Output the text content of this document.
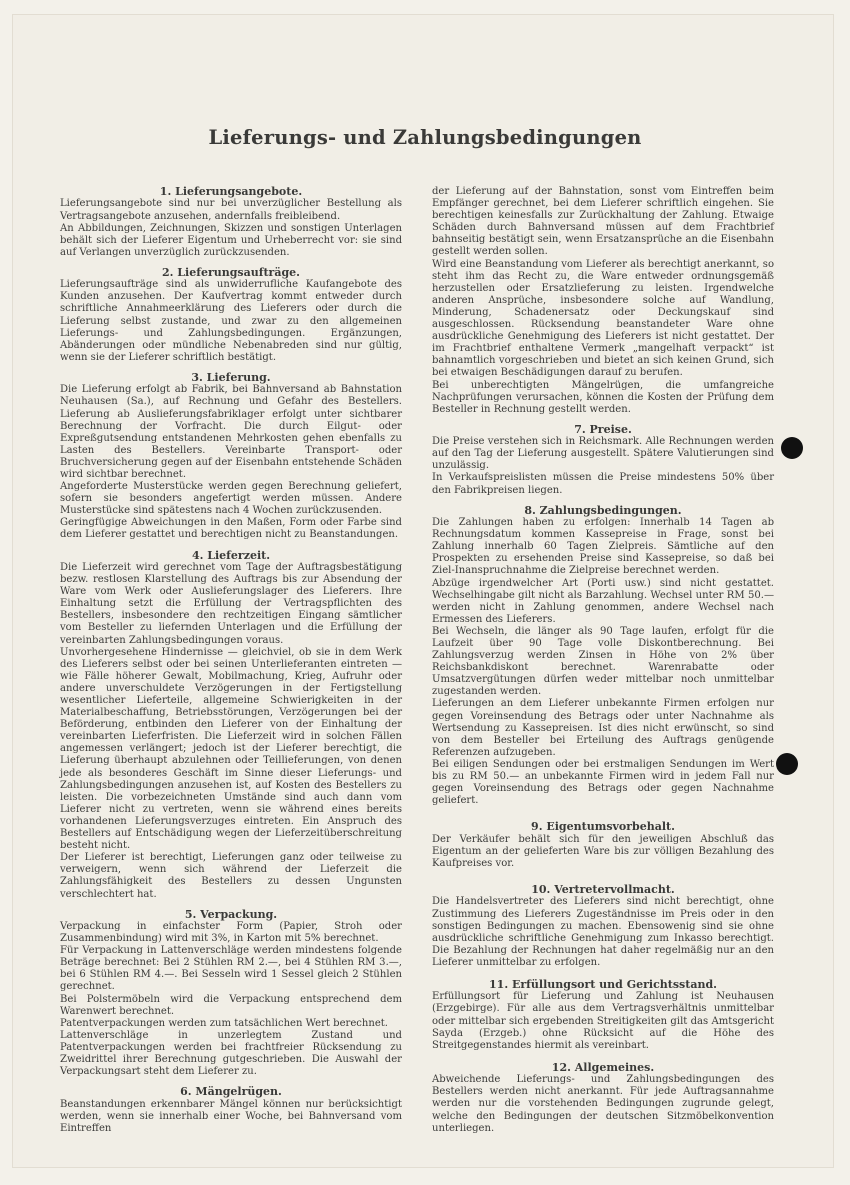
Lieferungs- und Zahlungsbedingungen
1. Lieferungsangebote.
Lieferungsangebote sind nur bei unverzüglicher Bestellung als Vertragsangebote anzusehen, andernfalls freibleibend.
An Abbildungen, Zeichnungen, Skizzen und sonstigen Unterlagen behält sich der Lieferer Eigentum und Urheberrecht vor: sie sind auf Verlangen unverzüglich zurückzusenden.
2. Lieferungsaufträge.
Lieferungsaufträge sind als unwiderrufliche Kaufangebote des Kunden anzusehen. Der Kaufvertrag kommt entweder durch schriftliche Annahmeerklärung des Lieferers oder durch die Lieferung selbst zustande, und zwar zu den allgemeinen Lieferungs- und Zahlungsbedingungen. Ergänzungen, Abänderungen oder mündliche Nebenabreden sind nur gültig, wenn sie der Lieferer schriftlich bestätigt.
3. Lieferung.
Die Lieferung erfolgt ab Fabrik, bei Bahnversand ab Bahnstation Neuhausen (Sa.), auf Rechnung und Gefahr des Bestellers. Lieferung ab Auslieferungsfabriklager erfolgt unter sichtbarer Berechnung der Vorfracht. Die durch Eilgut- oder Expreßgutsendung entstandenen Mehrkosten gehen ebenfalls zu Lasten des Bestellers. Vereinbarte Transport- oder Bruchversicherung gegen auf der Eisenbahn entstehende Schäden wird sichtbar berechnet.
Angeforderte Musterstücke werden gegen Berechnung geliefert, sofern sie besonders angefertigt werden müssen. Andere Musterstücke sind spätestens nach 4 Wochen zurückzusenden.
Geringfügige Abweichungen in den Maßen, Form oder Farbe sind dem Lieferer gestattet und berechtigen nicht zu Beanstandungen.
4. Lieferzeit.
Die Lieferzeit wird gerechnet vom Tage der Auftragsbestätigung bezw. restlosen Klarstellung des Auftrags bis zur Absendung der Ware vom Werk oder Auslieferungslager des Lieferers. Ihre Einhaltung setzt die Erfüllung der Vertragspflichten des Bestellers, insbesondere den rechtzeitigen Eingang sämtlicher vom Besteller zu liefernden Unterlagen und die Erfüllung der vereinbarten Zahlungsbedingungen voraus.
Unvorhergesehene Hindernisse — gleichviel, ob sie in dem Werk des Lieferers selbst oder bei seinen Unterlieferanten eintreten — wie Fälle höherer Gewalt, Mobilmachung, Krieg, Aufruhr oder andere unverschuldete Verzögerungen in der Fertigstellung wesentlicher Lieferteile, allgemeine Schwierigkeiten in der Materialbeschaffung, Betriebsstörungen, Verzögerungen bei der Beförderung, entbinden den Lieferer von der Einhaltung der vereinbarten Lieferfristen. Die Lieferzeit wird in solchen Fällen angemessen verlängert; jedoch ist der Lieferer berechtigt, die Lieferung überhaupt abzulehnen oder Teillieferungen, von denen jede als besonderes Geschäft im Sinne dieser Lieferungs- und Zahlungsbedingungen anzusehen ist, auf Kosten des Bestellers zu leisten. Die vorbezeichneten Umstände sind auch dann vom Lieferer nicht zu vertreten, wenn sie während eines bereits vorhandenen Lieferungsverzuges eintreten. Ein Anspruch des Bestellers auf Entschädigung wegen der Lieferzeitüberschreitung besteht nicht.
Der Lieferer ist berechtigt, Lieferungen ganz oder teilweise zu verweigern, wenn sich während der Lieferzeit die Zahlungsfähigkeit des Bestellers zu dessen Ungunsten verschlechtert hat.
5. Verpackung.
Verpackung in einfachster Form (Papier, Stroh oder Zusammenbindung) wird mit 3%, in Karton mit 5% berechnet.
Für Verpackung in Lattenverschläge werden mindestens folgende Beträge berechnet: Bei 2 Stühlen RM 2.—, bei 4 Stühlen RM 3.—, bei 6 Stühlen RM 4.—. Bei Sesseln wird 1 Sessel gleich 2 Stühlen gerechnet.
Bei Polstermöbeln wird die Verpackung entsprechend dem Warenwert berechnet.
Patentverpackungen werden zum tatsächlichen Wert berechnet.
Lattenverschläge in unzerlegtem Zustand und Patentverpackungen werden bei frachtfreier Rücksendung zu Zweidrittel ihrer Berechnung gutgeschrieben. Die Auswahl der Verpackungsart steht dem Lieferer zu.
6. Mängelrügen.
Beanstandungen erkennbarer Mängel können nur berücksichtigt werden, wenn sie innerhalb einer Woche, bei Bahnversand vom Eintreffen
der Lieferung auf der Bahnstation, sonst vom Eintreffen beim Empfänger gerechnet, bei dem Lieferer schriftlich eingehen. Sie berechtigen keinesfalls zur Zurückhaltung der Zahlung. Etwaige Schäden durch Bahnversand müssen auf dem Frachtbrief bahnseitig bestätigt sein, wenn Ersatzansprüche an die Eisenbahn gestellt werden sollen.
Wird eine Beanstandung vom Lieferer als berechtigt anerkannt, so steht ihm das Recht zu, die Ware entweder ordnungsgemäß herzustellen oder Ersatzlieferung zu leisten. Irgendwelche anderen Ansprüche, insbesondere solche auf Wandlung, Minderung, Schadenersatz oder Deckungskauf sind ausgeschlossen. Rücksendung beanstandeter Ware ohne ausdrückliche Genehmigung des Lieferers ist nicht gestattet. Der im Frachtbrief enthaltene Vermerk „mangelhaft verpackt“ ist bahnamtlich vorgeschrieben und bietet an sich keinen Grund, sich bei etwaigen Beschädigungen darauf zu berufen.
Bei unberechtigten Mängelrügen, die umfangreiche Nachprüfungen verursachen, können die Kosten der Prüfung dem Besteller in Rechnung gestellt werden.
7. Preise.
Die Preise verstehen sich in Reichsmark. Alle Rechnungen werden auf den Tag der Lieferung ausgestellt. Spätere Valutierungen sind unzulässig.
In Verkaufspreislisten müssen die Preise mindestens 50% über den Fabrikpreisen liegen.
8. Zahlungsbedingungen.
Die Zahlungen haben zu erfolgen: Innerhalb 14 Tagen ab Rechnungsdatum kommen Kassepreise in Frage, sonst bei Zahlung innerhalb 60 Tagen Zielpreis. Sämtliche auf den Prospekten zu ersehenden Preise sind Kassepreise, so daß bei Ziel-Inanspruchnahme die Zielpreise berechnet werden.
Abzüge irgendwelcher Art (Porti usw.) sind nicht gestattet. Wechselhingabe gilt nicht als Barzahlung. Wechsel unter RM 50.— werden nicht in Zahlung genommen, andere Wechsel nach Ermessen des Lieferers.
Bei Wechseln, die länger als 90 Tage laufen, erfolgt für die Laufzeit über 90 Tage volle Diskontberechnung. Bei Zahlungsverzug werden Zinsen in Höhe von 2% über Reichsbankdiskont berechnet. Warenrabatte oder Umsatzvergütungen dürfen weder mittelbar noch unmittelbar zugestanden werden.
Lieferungen an dem Lieferer unbekannte Firmen erfolgen nur gegen Voreinsendung des Betrags oder unter Nachnahme als Wertsendung zu Kassepreisen. Ist dies nicht erwünscht, so sind von dem Besteller bei Erteilung des Auftrags genügende Referenzen aufzugeben.
Bei eiligen Sendungen oder bei erstmaligen Sendungen im Wert bis zu RM 50.— an unbekannte Firmen wird in jedem Fall nur gegen Voreinsendung des Betrags oder gegen Nachnahme geliefert.
9. Eigentumsvorbehalt.
Der Verkäufer behält sich für den jeweiligen Abschluß das Eigentum an der gelieferten Ware bis zur völligen Bezahlung des Kaufpreises vor.
10. Vertretervollmacht.
Die Handelsvertreter des Lieferers sind nicht berechtigt, ohne Zustimmung des Lieferers Zugeständnisse im Preis oder in den sonstigen Bedingungen zu machen. Ebensowenig sind sie ohne ausdrückliche schriftliche Genehmigung zum Inkasso berechtigt. Die Bezahlung der Rechnungen hat daher regelmäßig nur an den Lieferer unmittelbar zu erfolgen.
11. Erfüllungsort und Gerichtsstand.
Erfüllungsort für Lieferung und Zahlung ist Neuhausen (Erzgebirge). Für alle aus dem Vertragsverhältnis unmittelbar oder mittelbar sich ergebenden Streitigkeiten gilt das Amtsgericht Sayda (Erzgeb.) ohne Rücksicht auf die Höhe des Streitgegenstandes hiermit als vereinbart.
12. Allgemeines.
Abweichende Lieferungs- und Zahlungsbedingungen des Bestellers werden nicht anerkannt. Für jede Auftragsannahme werden nur die vorstehenden Bedingungen zugrunde gelegt, welche den Bedingungen der deutschen Sitzmöbelkonvention unterliegen.
